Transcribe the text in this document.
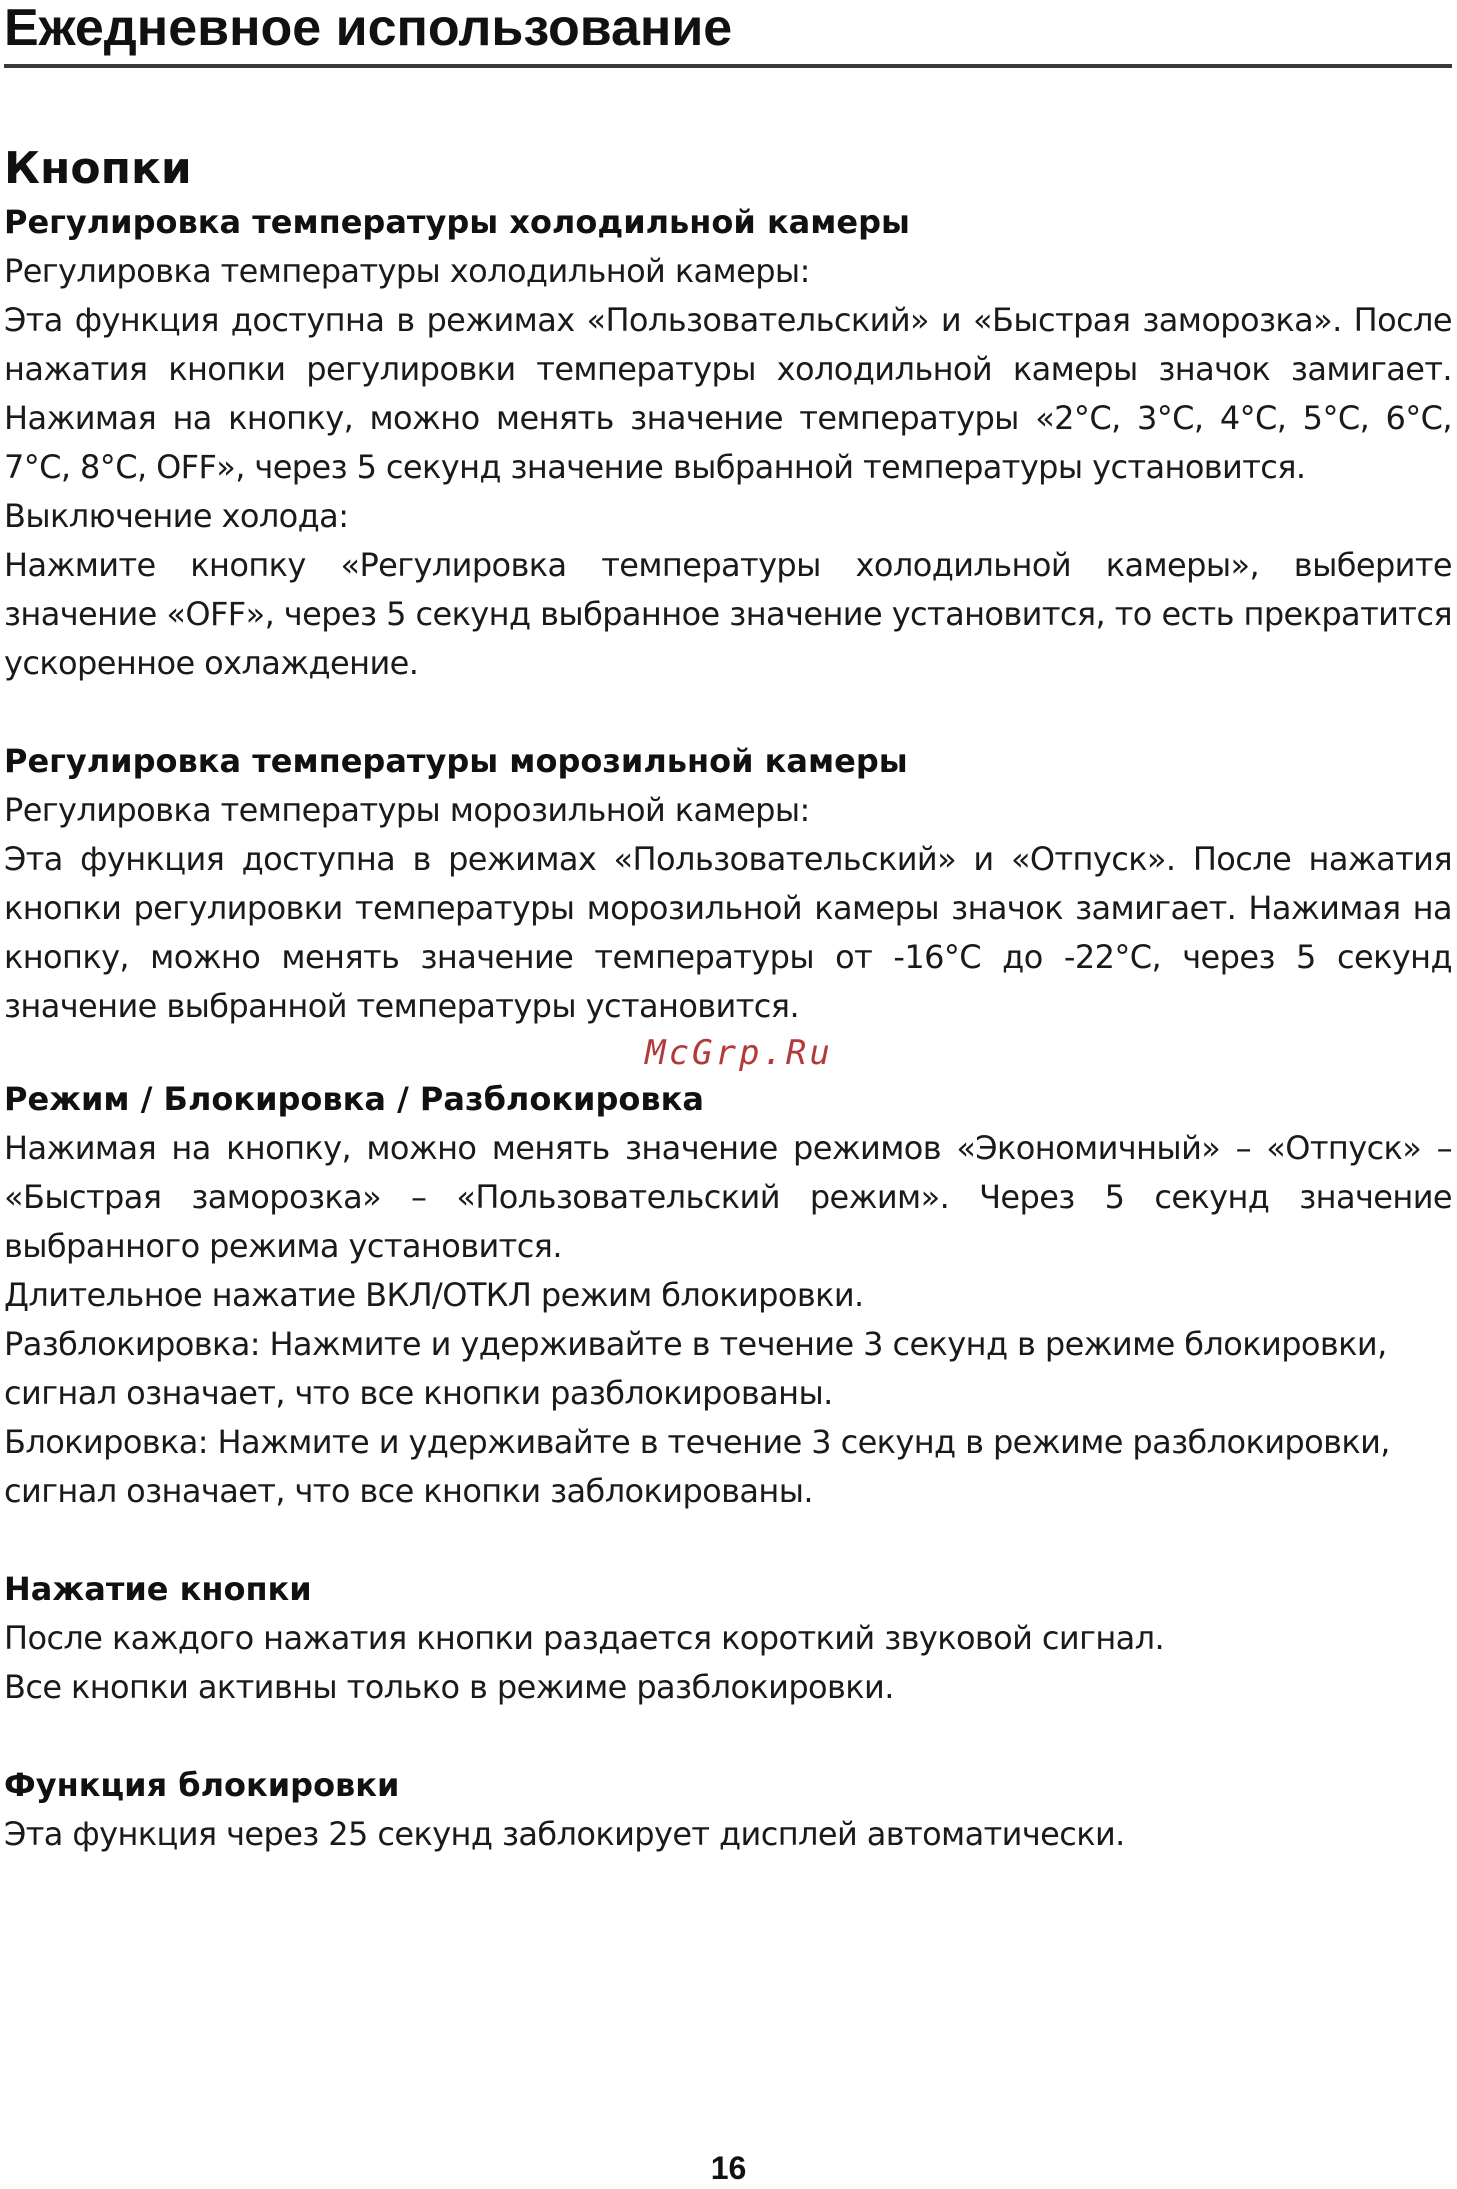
Ежедневное использование
Кнопки
Регулировка температуры холодильной камеры

Регулировка температуры холодильной камеры:

Эта функция доступна в режимах «Пользовательский» и «Быстрая заморозка». После нажатия кнопки регулировки температуры холодильной камеры значок замигает. Нажимая на кнопку, можно менять значение температуры «2°C, 3°C, 4°C, 5°C, 6°C, 7°C, 8°C, OFF», через 5 секунд значение выбранной температуры установится.

Выключение холода:

Нажмите кнопку «Регулировка температуры холодильной камеры», выберите значение «OFF», через 5 секунд выбранное значение установится, то есть прекратится ускоренное охлаждение.

Регулировка температуры морозильной камеры

Регулировка температуры морозильной камеры:

Эта функция доступна в режимах «Пользовательский» и «Отпуск». После нажатия кнопки регулировки температуры морозильной камеры значок замигает. Нажимая на кнопку, можно менять значение температуры от -16°C до -22°C, через 5 секунд значение выбранной температуры установится.

McGrp.Ru

Режим / Блокировка / Разблокировка

Нажимая на кнопку, можно менять значение режимов «Экономичный» – «Отпуск» – «Быстрая заморозка» – «Пользовательский режим». Через 5 секунд значение выбранного режима установится.

Длительное нажатие ВКЛ/ОТКЛ режим блокировки.

Разблокировка: Нажмите и удерживайте в течение 3 секунд в режиме блокировки, сигнал означает, что все кнопки разблокированы.

Блокировка: Нажмите и удерживайте в течение 3 секунд в режиме разблокировки, сигнал означает, что все кнопки заблокированы.

Нажатие кнопки

После каждого нажатия кнопки раздается короткий звуковой сигнал.

Все кнопки активны только в режиме разблокировки.

Функция блокировки

Эта функция через 25 секунд заблокирует дисплей автоматически.

16
